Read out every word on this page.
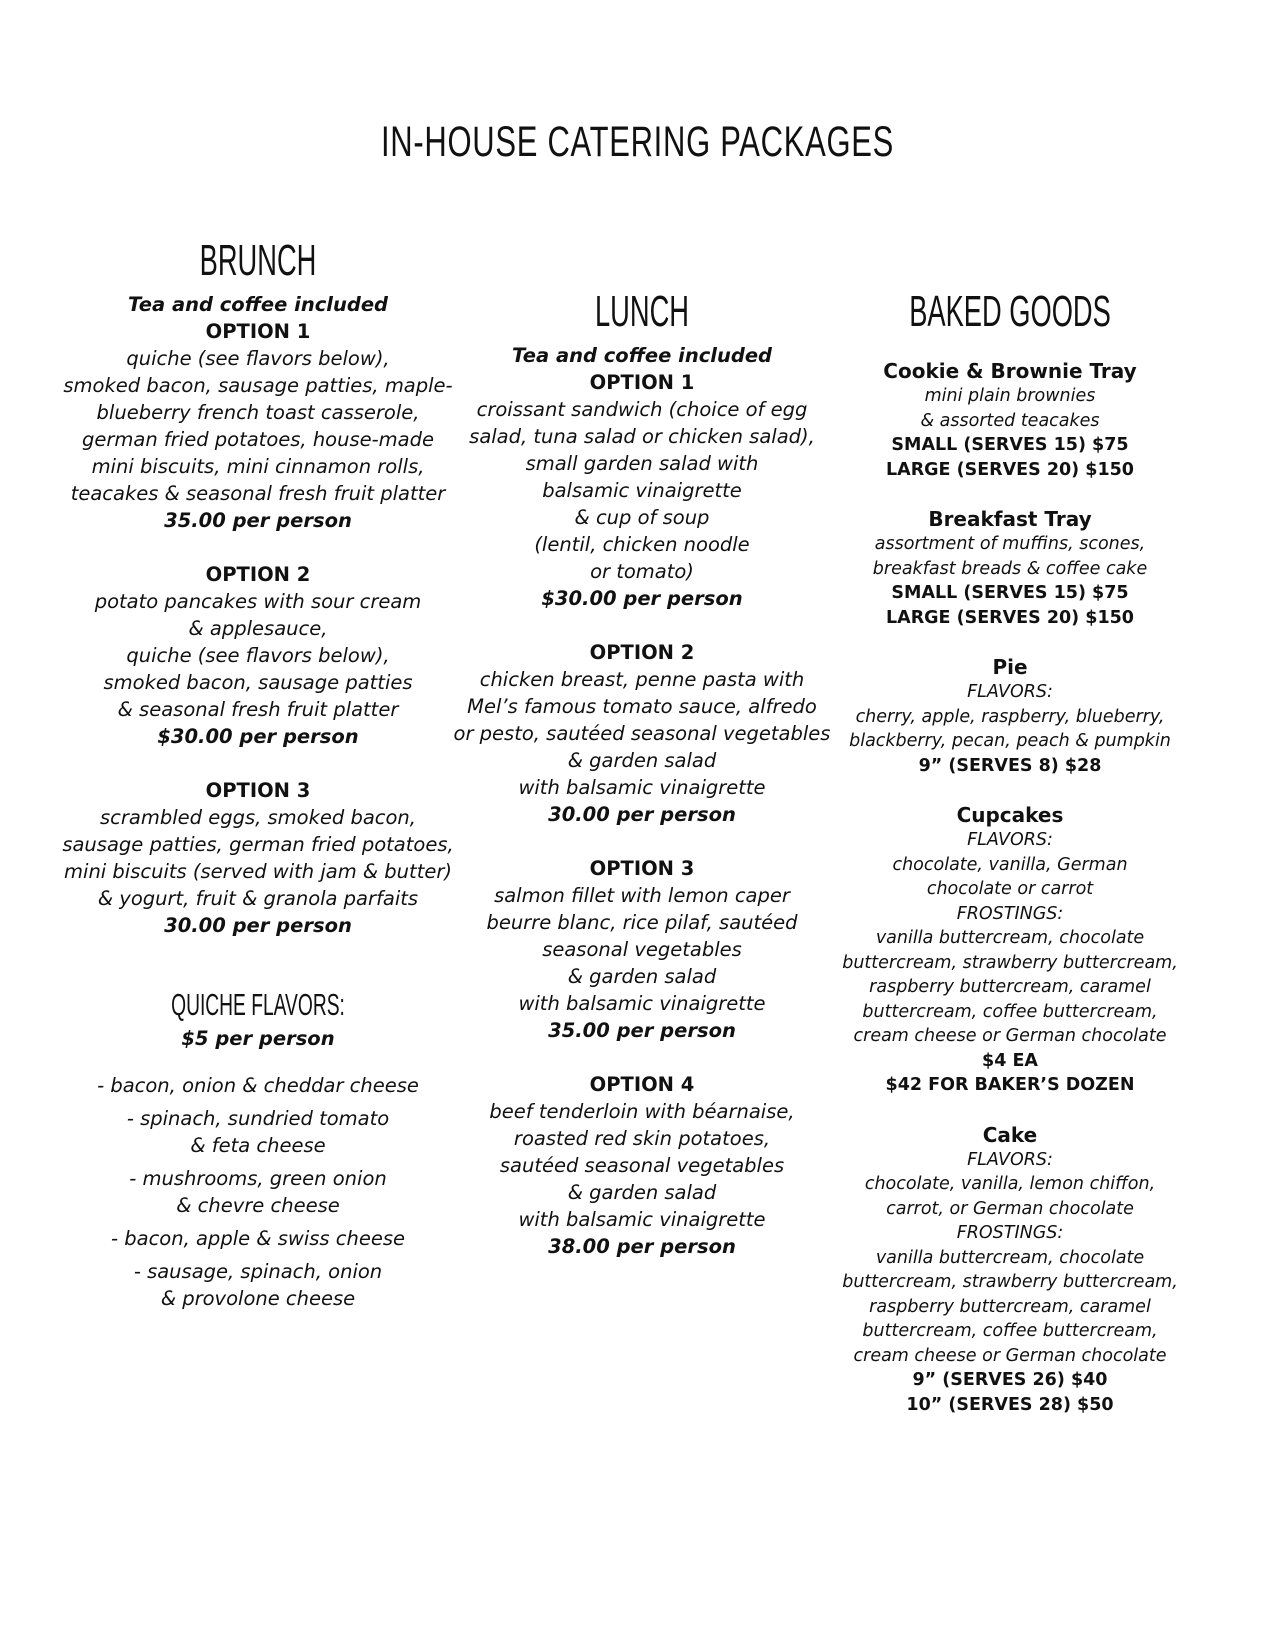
IN-HOUSE CATERING PACKAGES
BRUNCH
Tea and coffee included
OPTION 1
quiche (see flavors below),
smoked bacon, sausage patties, maple-
blueberry french toast casserole,
german fried potatoes, house-made
mini biscuits, mini cinnamon rolls,
teacakes & seasonal fresh fruit platter
35.00 per person
OPTION 2
potato pancakes with sour cream
& applesauce,
quiche (see flavors below),
smoked bacon, sausage patties
& seasonal fresh fruit platter
$30.00 per person
OPTION 3
scrambled eggs, smoked bacon,
sausage patties, german fried potatoes,
mini biscuits (served with jam & butter)
& yogurt, fruit & granola parfaits
30.00 per person
QUICHE FLAVORS:
$5 per person
- bacon, onion & cheddar cheese
- spinach, sundried tomato
& feta cheese
- mushrooms, green onion
& chevre cheese
- bacon, apple & swiss cheese
- sausage, spinach, onion
& provolone cheese
LUNCH
Tea and coffee included
OPTION 1
croissant sandwich (choice of egg
salad, tuna salad or chicken salad),
small garden salad with
balsamic vinaigrette
& cup of soup
(lentil, chicken noodle
or tomato)
$30.00 per person
OPTION 2
chicken breast, penne pasta with
Mel’s famous tomato sauce, alfredo
or pesto, sautéed seasonal vegetables
& garden salad
with balsamic vinaigrette
30.00 per person
OPTION 3
salmon fillet with lemon caper
beurre blanc, rice pilaf, sautéed
seasonal vegetables
& garden salad
with balsamic vinaigrette
35.00 per person
OPTION 4
beef tenderloin with béarnaise,
roasted red skin potatoes,
sautéed seasonal vegetables
& garden salad
with balsamic vinaigrette
38.00 per person
BAKED GOODS
Cookie & Brownie Tray
mini plain brownies
& assorted teacakes
SMALL (SERVES 15) $75
LARGE (SERVES 20) $150
Breakfast Tray
assortment of muffins, scones,
breakfast breads & coffee cake
SMALL (SERVES 15) $75
LARGE (SERVES 20) $150
Pie
FLAVORS:
cherry, apple, raspberry, blueberry,
blackberry, pecan, peach & pumpkin
9” (SERVES 8) $28
Cupcakes
FLAVORS:
chocolate, vanilla, German
chocolate or carrot
FROSTINGS:
vanilla buttercream, chocolate
buttercream, strawberry buttercream,
raspberry buttercream, caramel
buttercream, coffee buttercream,
cream cheese or German chocolate
$4 EA
$42 FOR BAKER’S DOZEN
Cake
FLAVORS:
chocolate, vanilla, lemon chiffon,
carrot, or German chocolate
FROSTINGS:
vanilla buttercream, chocolate
buttercream, strawberry buttercream,
raspberry buttercream, caramel
buttercream, coffee buttercream,
cream cheese or German chocolate
9” (SERVES 26) $40
10” (SERVES 28) $50
